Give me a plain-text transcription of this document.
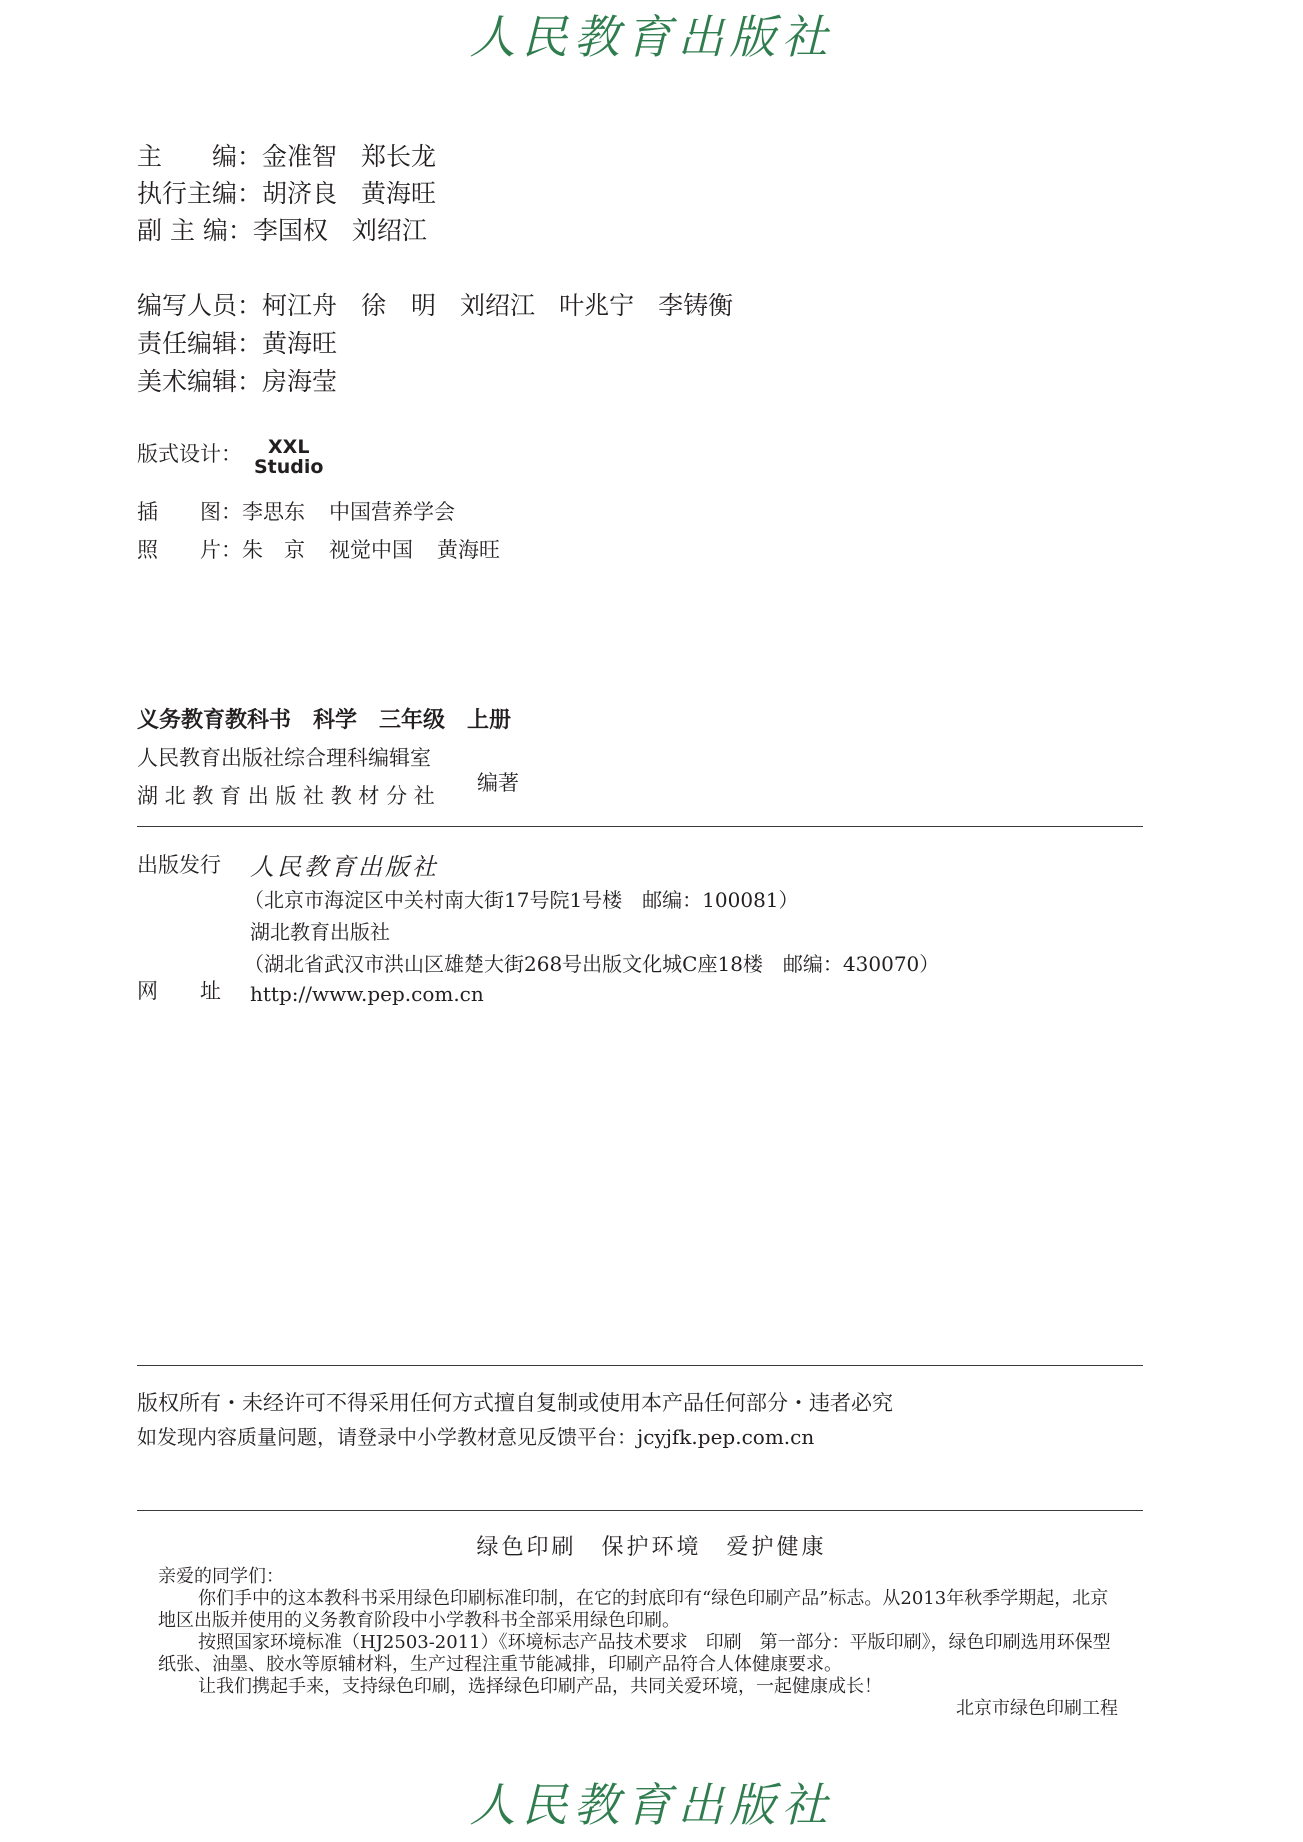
人民教育出版社
主　　编：金准智 郑长龙
执行主编：胡济良 黄海旺
副 主 编：李国权 刘绍江
编写人员：柯江舟 徐　明 刘绍江 叶兆宁 李铸衡
责任编辑：黄海旺
美术编辑：房海莹
版式设计：	XXL
Studio
插　　图：李思东 中国营养学会
照　　片：朱　京 视觉中国 黄海旺
义务教育教科书　科学　三年级　上册
人民教育出版社综合理科编辑室
湖 北 教 育 出 版 社 教 材 分 社
编著
出版发行 人民教育出版社
（北京市海淀区中关村南大街17号院1号楼　邮编：100081）
湖北教育出版社
（湖北省武汉市洪山区雄楚大街268号出版文化城C座18楼　邮编：430070）
网　　址 http://www.pep.com.cn
版权所有・未经许可不得采用任何方式擅自复制或使用本产品任何部分・违者必究
如发现内容质量问题，请登录中小学教材意见反馈平台：jcyjfk.pep.com.cn
绿色印刷　保护环境　爱护健康
亲爱的同学们：
你们手中的这本教科书采用绿色印刷标准印制，在它的封底印有“绿色印刷产品”标志。从2013年秋季学期起，北京地区出版并使用的义务教育阶段中小学教科书全部采用绿色印刷。
按照国家环境标准（HJ2503-2011）《环境标志产品技术要求　印刷　第一部分：平版印刷》，绿色印刷选用环保型纸张、油墨、胶水等原辅材料，生产过程注重节能减排，印刷产品符合人体健康要求。
让我们携起手来，支持绿色印刷，选择绿色印刷产品，共同关爱环境，一起健康成长！
北京市绿色印刷工程
人民教育出版社
